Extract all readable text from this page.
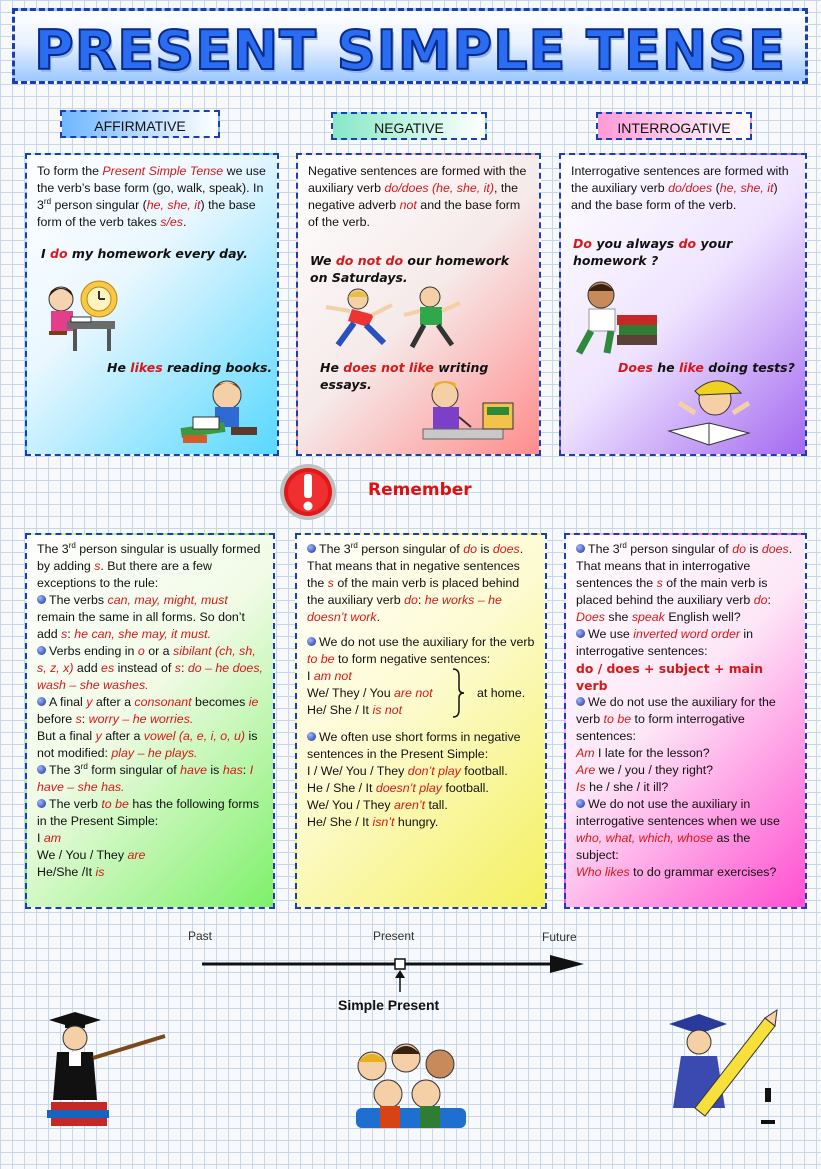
PRESENT SIMPLE TENSE
AFFIRMATIVE	NEGATIVE	INTERROGATIVE

To form the Present Simple Tense we use the verb’s base form (go, walk, speak). In 3rd person singular (he, she, it) the base form of the verb takes s/es.

I do my homework every day.

He likes reading books.

Negative sentences are formed with the auxiliary verb do/does (he, she, it), the negative adverb not and the base form of the verb.

We do not do our homework on Saturdays.

He does not like writing essays.

Interrogative sentences are formed with the auxiliary verb do/does (he, she, it) and the base form of the verb.

Do you always do your homework ?

Does he like doing tests?

Remember

The 3rd person singular is usually formed by adding s. But there are a few exceptions to the rule:

The verbs can, may, might, must remain the same in all forms. So don’t add s: he can, she may, it must.

Verbs ending in o or a sibilant (ch, sh, s, z, x) add es instead of s: do – he does, wash – she washes.

A final y after a consonant becomes ie before s: worry – he worries.

But a final y after a vowel (a, e, i, o, u) is not modified: play – he plays.

The 3rd form singular of have is has: I have – she has.

The verb to be has the following forms in the Present Simple:

I am

We / You / They are

He/She /It is

The 3rd person singular of do is does. That means that in negative sentences the s of the main verb is placed behind the auxiliary verb do: he works – he doesn’t work.

We do not use the auxiliary for the verb to be to form negative sentences:

I am not

We/ They / You are not

He/ She / It is not

at home.

We often use short forms in negative sentences in the Present Simple:

I / We/ You / They don’t play football.

He / She / It doesn’t play football.

We/ You / They aren’t tall.

He/ She / It isn’t hungry.

The 3rd person singular of do is does. That means that in interrogative sentences the s of the main verb is placed behind the auxiliary verb do:

Does she speak English well?

We use inverted word order in interrogative sentences:

do / does + subject + main verb

We do not use the auxiliary for the verb to be to form interrogative sentences:

Am I late for the lesson?

Are we / you / they right?

Is he / she / it ill?

We do not use the auxiliary in interrogative sentences when we use who, what, which, whose as the subject:

Who likes to do grammar exercises?

Past	Present	Future
Simple Present
